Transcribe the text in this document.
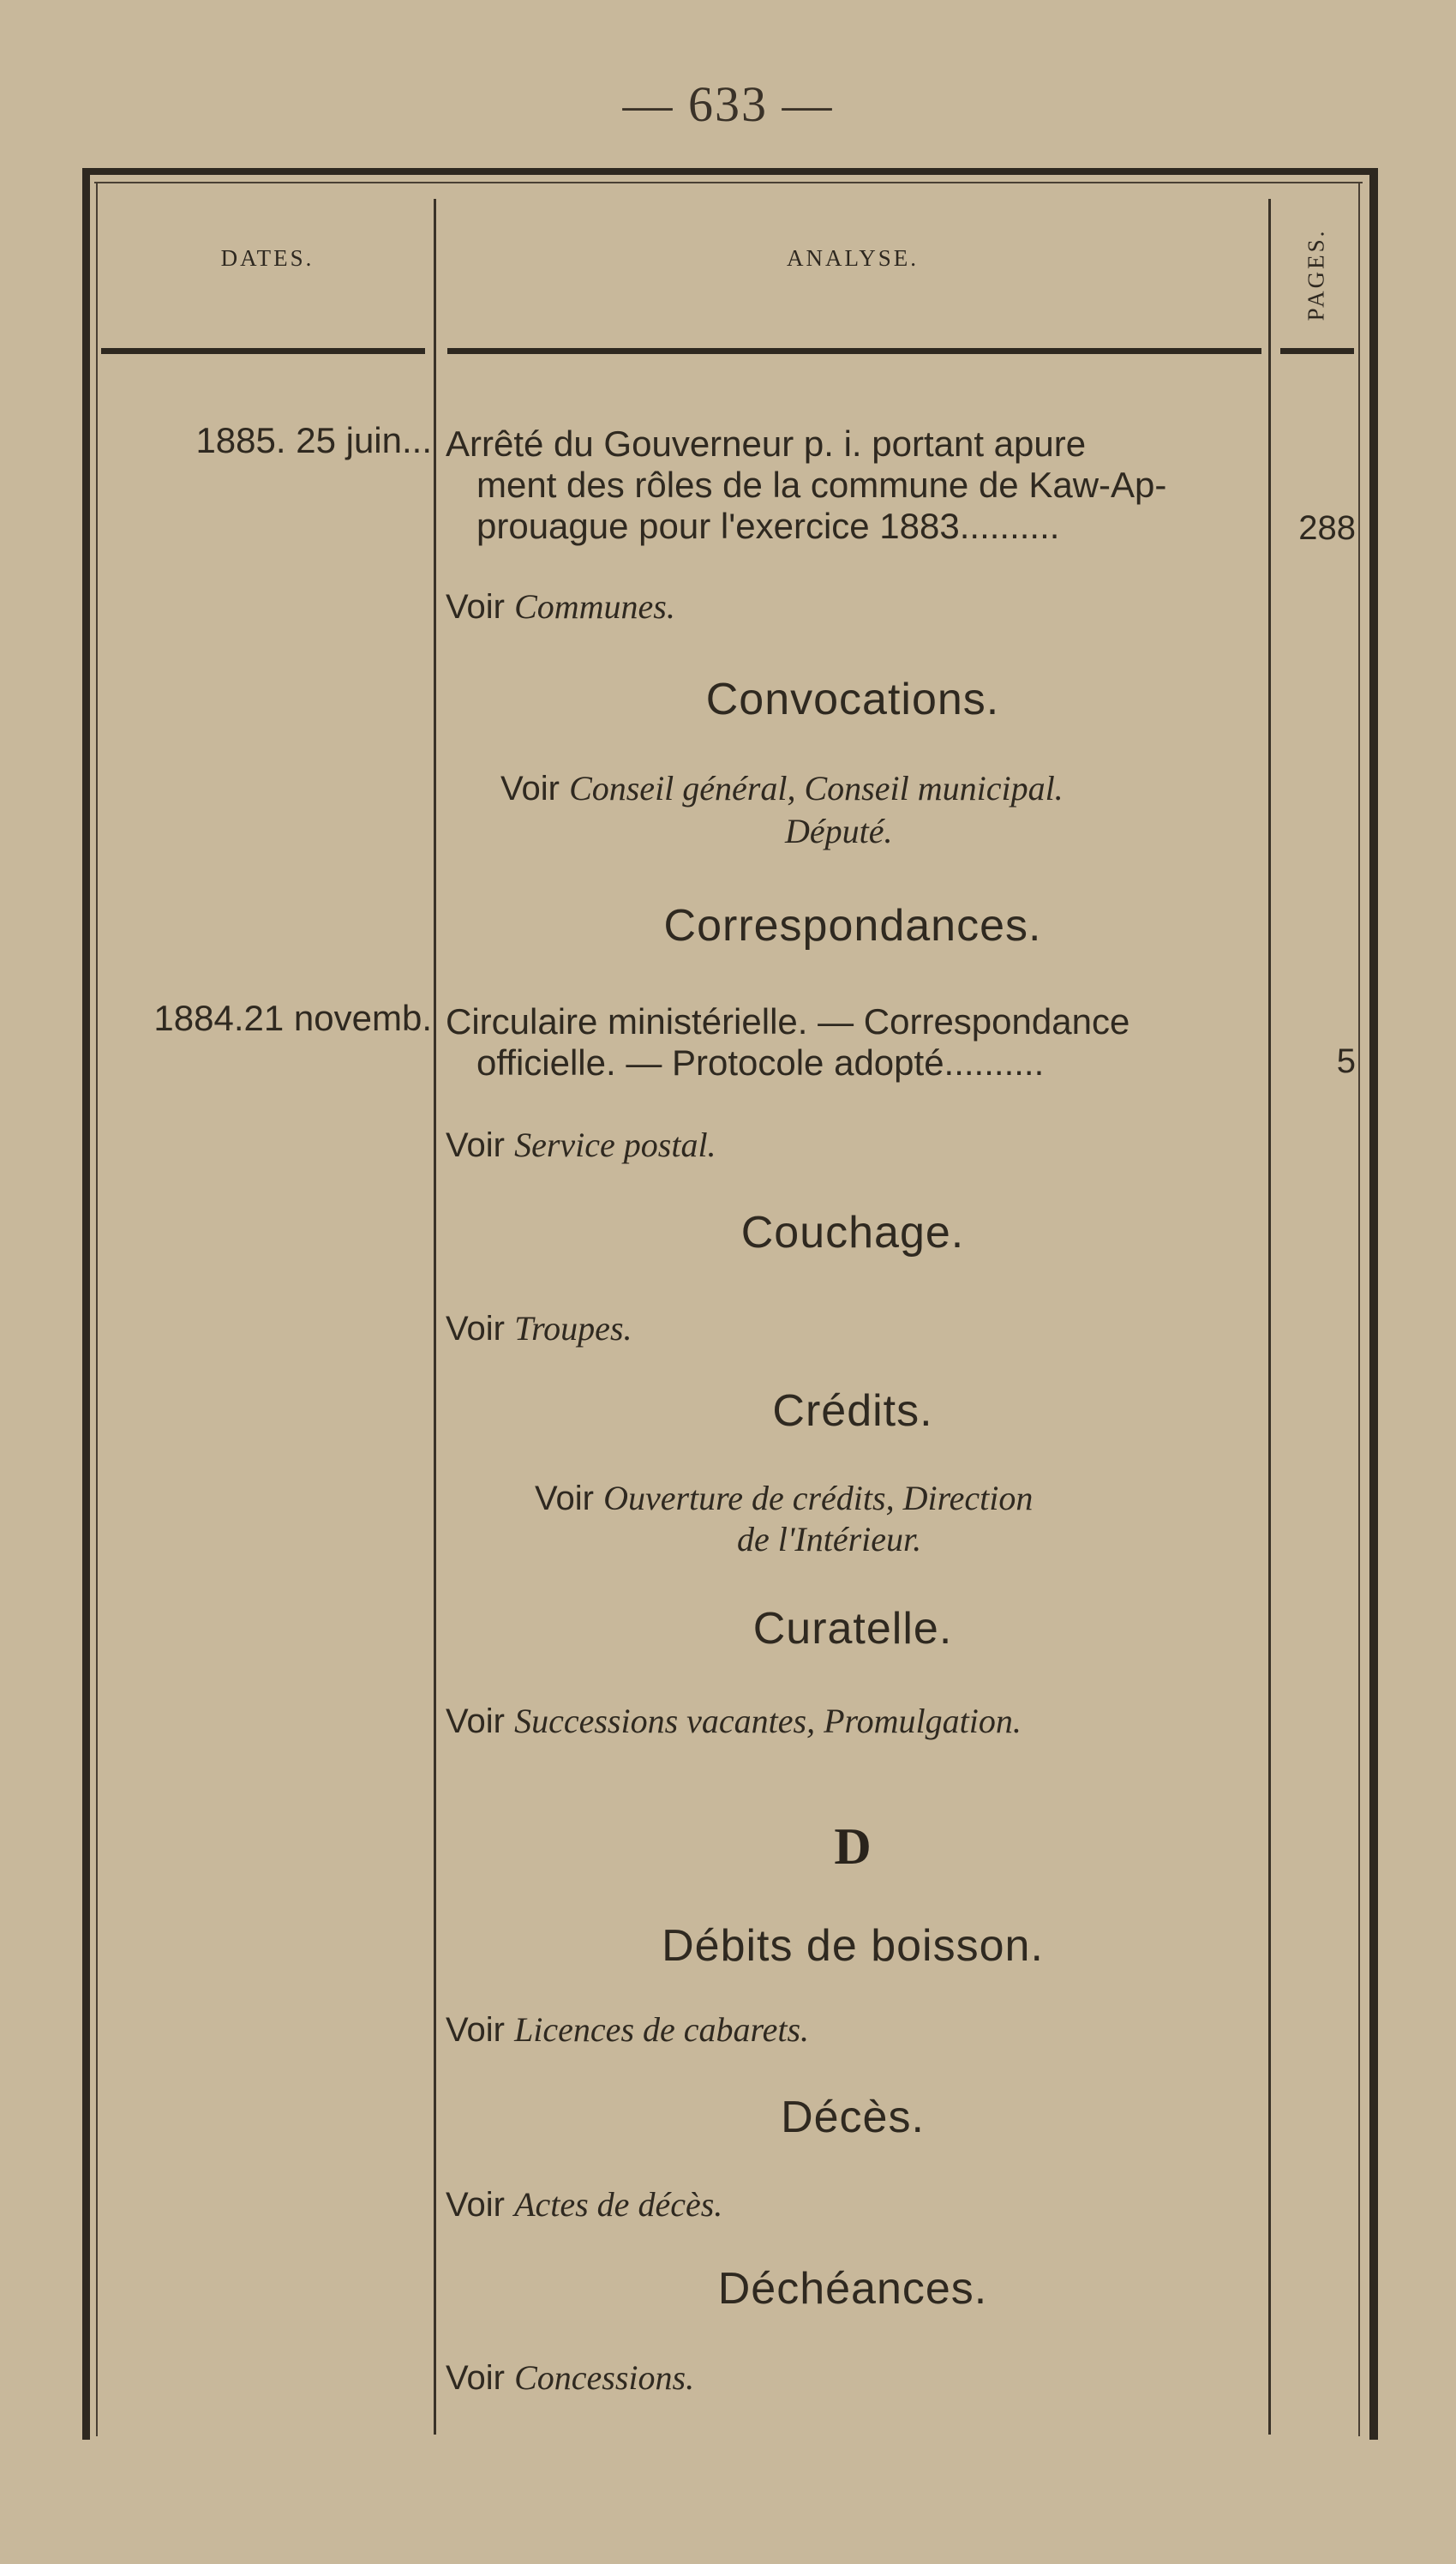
— 633 —
DATES.	ANALYSE.	PAGES.
1885. 25 juin... Arrêté du Gouverneur p. i. portant apure
ment des rôles de la commune de Kaw-Ap-
prouague pour l'exercice 1883..........	288
Voir Communes.
Convocations.
Voir Conseil général, Conseil municipal.
Député.
Correspondances.
1884.21 novemb. Circulaire ministérielle. — Correspondance
officielle. — Protocole adopté..........	5
Voir Service postal.
Couchage.
Voir Troupes.
Crédits.
Voir Ouverture de crédits, Direction
de l'Intérieur.
Curatelle.
Voir Successions vacantes, Promulgation.
D
Débits de boisson.
Voir Licences de cabarets.
Décès.
Voir Actes de décès.
Déchéances.
Voir Concessions.
